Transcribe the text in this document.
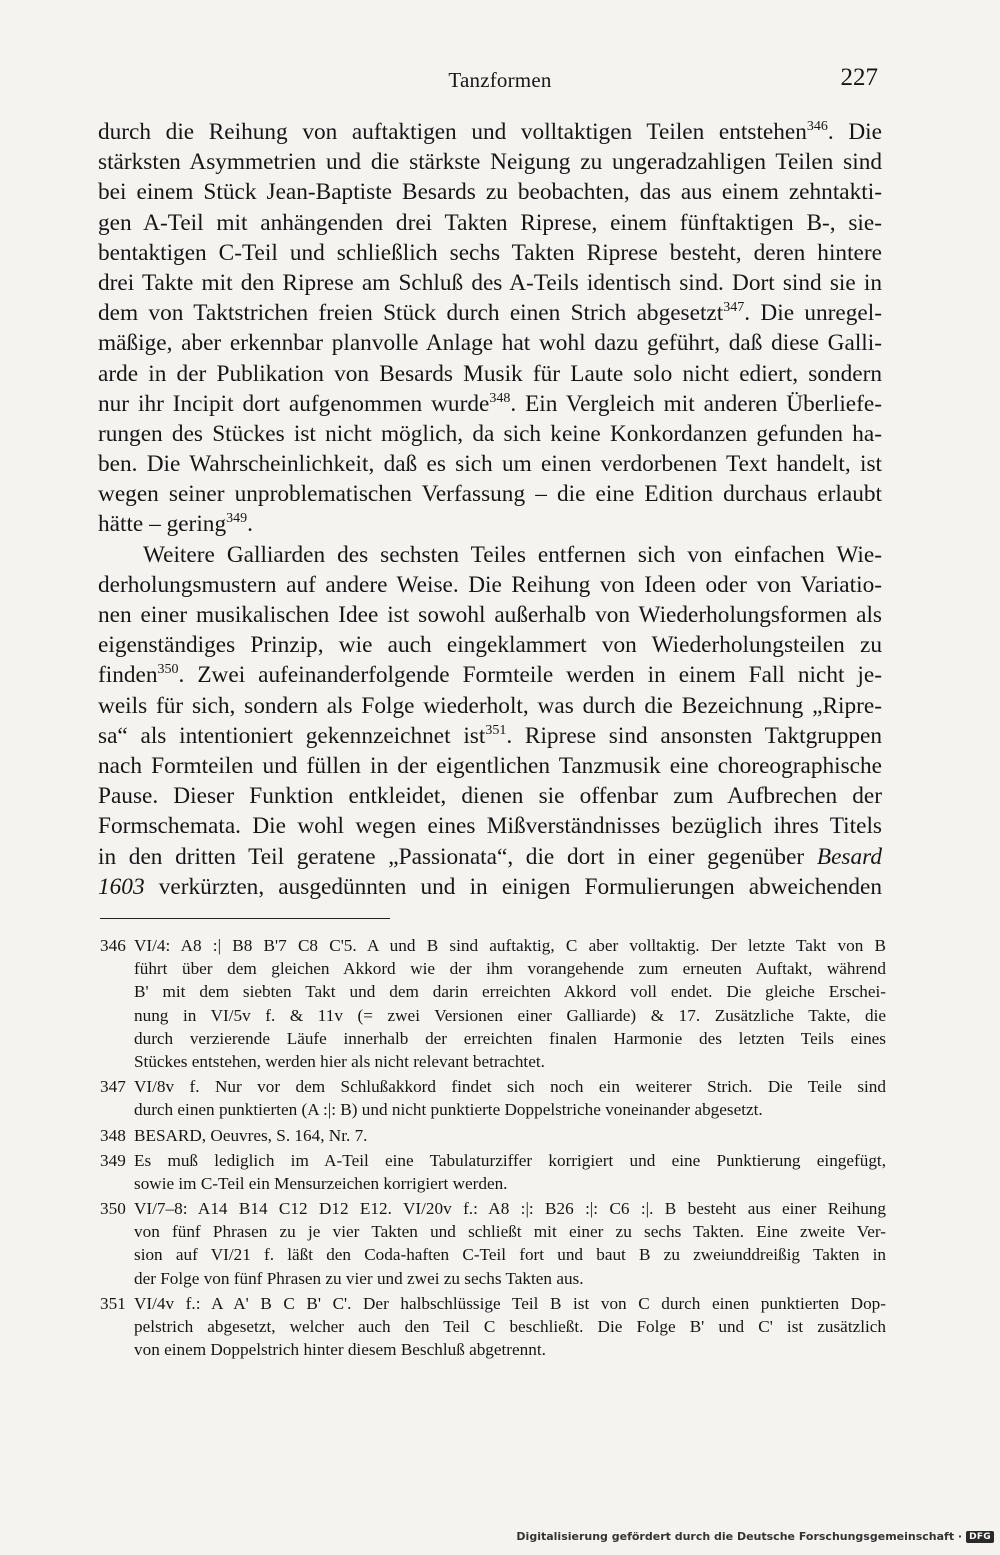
Tanzformen	227
durch die Reihung von auftaktigen und volltaktigen Teilen entstehen$^{346}$. Die
stärksten Asymmetrien und die stärkste Neigung zu ungeradzahligen Teilen sind
bei einem Stück Jean-Baptiste Besards zu beobachten, das aus einem zehntakti-
gen A-Teil mit anhängenden drei Takten Riprese, einem fünftaktigen B-, sie-
bentaktigen C-Teil und schließlich sechs Takten Riprese besteht, deren hintere
drei Takte mit den Riprese am Schluß des A-Teils identisch sind. Dort sind sie in
dem von Taktstrichen freien Stück durch einen Strich abgesetzt$^{347}$. Die unregel-
mäßige, aber erkennbar planvolle Anlage hat wohl dazu geführt, daß diese Galli-
arde in der Publikation von Besards Musik für Laute solo nicht ediert, sondern
nur ihr Incipit dort aufgenommen wurde$^{348}$. Ein Vergleich mit anderen Überliefe-
rungen des Stückes ist nicht möglich, da sich keine Konkordanzen gefunden ha-
ben. Die Wahrscheinlichkeit, daß es sich um einen verdorbenen Text handelt, ist
wegen seiner unproblematischen Verfassung – die eine Edition durchaus erlaubt
hätte – gering$^{349}$.
Weitere Galliarden des sechsten Teiles entfernen sich von einfachen Wie-
derholungsmustern auf andere Weise. Die Reihung von Ideen oder von Variatio-
nen einer musikalischen Idee ist sowohl außerhalb von Wiederholungsformen als
eigenständiges Prinzip, wie auch eingeklammert von Wiederholungsteilen zu
finden$^{350}$. Zwei aufeinanderfolgende Formteile werden in einem Fall nicht je-
weils für sich, sondern als Folge wiederholt, was durch die Bezeichnung „Ripre-
sa“ als intentioniert gekennzeichnet ist$^{351}$. Riprese sind ansonsten Taktgruppen
nach Formteilen und füllen in der eigentlichen Tanzmusik eine choreographische
Pause. Dieser Funktion entkleidet, dienen sie offenbar zum Aufbrechen der
Formschemata. Die wohl wegen eines Mißverständnisses bezüglich ihres Titels
in den dritten Teil geratene „Passionata“, die dort in einer gegenüber Besard
1603 verkürzten, ausgedünnten und in einigen Formulierungen abweichenden
346 VI/4: A8 :| B8 B'7 C8 C'5. A und B sind auftaktig, C aber volltaktig. Der letzte Takt von B
führt über dem gleichen Akkord wie der ihm vorangehende zum erneuten Auftakt, während
B' mit dem siebten Takt und dem darin erreichten Akkord voll endet. Die gleiche Erschei-
nung in VI/5v f. & 11v (= zwei Versionen einer Galliarde) & 17. Zusätzliche Takte, die
durch verzierende Läufe innerhalb der erreichten finalen Harmonie des letzten Teils eines
Stückes entstehen, werden hier als nicht relevant betrachtet.
347 VI/8v f. Nur vor dem Schlußakkord findet sich noch ein weiterer Strich. Die Teile sind
durch einen punktierten (A :|: B) und nicht punktierte Doppelstriche voneinander abgesetzt.
348 BESARD, Oeuvres, S. 164, Nr. 7.
349 Es muß lediglich im A-Teil eine Tabulaturziffer korrigiert und eine Punktierung eingefügt,
sowie im C-Teil ein Mensurzeichen korrigiert werden.
350 VI/7–8: A14 B14 C12 D12 E12. VI/20v f.: A8 :|: B26 :|: C6 :|. B besteht aus einer Reihung
von fünf Phrasen zu je vier Takten und schließt mit einer zu sechs Takten. Eine zweite Ver-
sion auf VI/21 f. läßt den Coda-haften C-Teil fort und baut B zu zweiunddreißig Takten in
der Folge von fünf Phrasen zu vier und zwei zu sechs Takten aus.
351 VI/4v f.: A A' B C B' C'. Der halbschlüssige Teil B ist von C durch einen punktierten Dop-
pelstrich abgesetzt, welcher auch den Teil C beschließt. Die Folge B' und C' ist zusätzlich
von einem Doppelstrich hinter diesem Beschluß abgetrennt.
Digitalisierung gefördert durch die Deutsche Forschungsgemeinschaft · DFG
